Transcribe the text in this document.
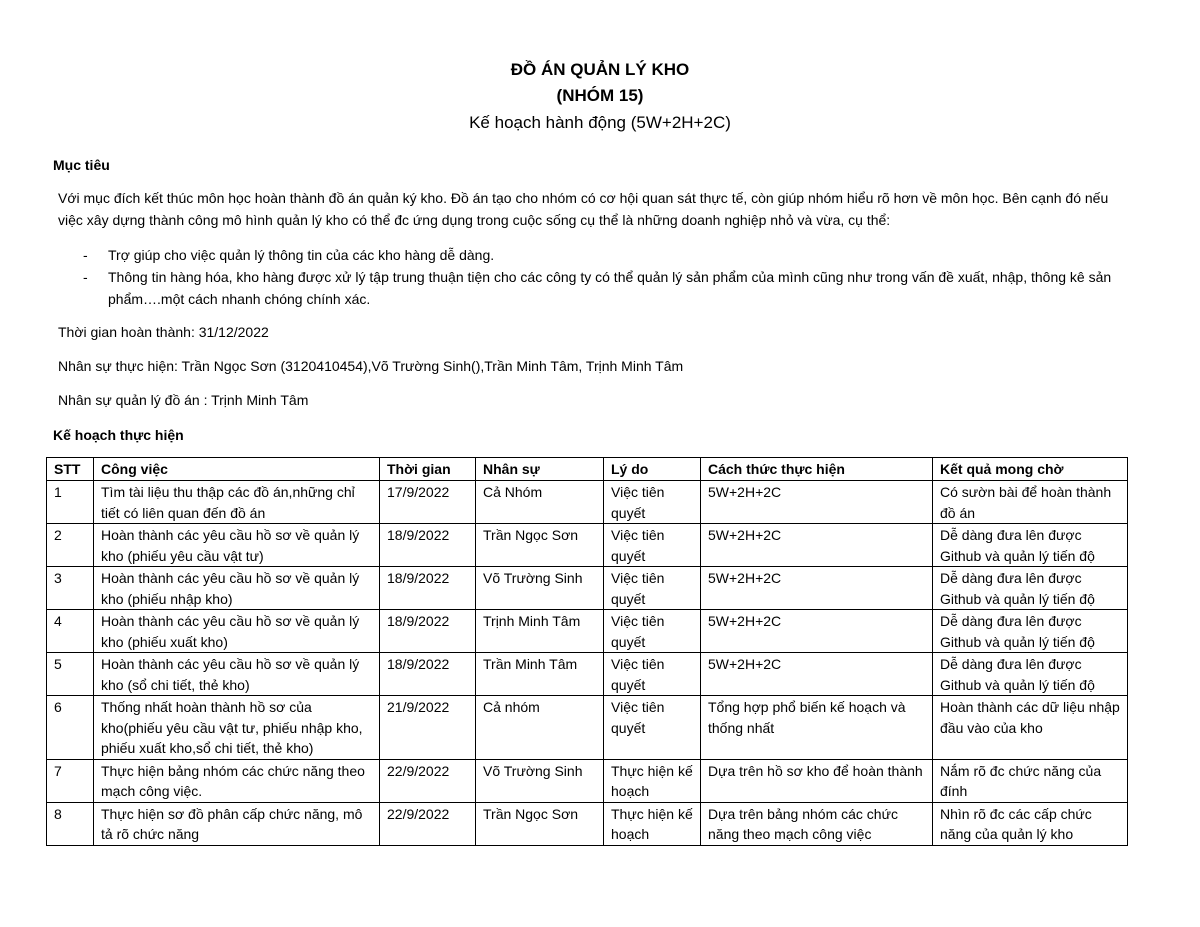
ĐỒ ÁN QUẢN LÝ KHO
(NHÓM 15)
Kế hoạch hành động (5W+2H+2C)
Mục tiêu
Với mục đích kết thúc môn học hoàn thành đồ án quản ký kho. Đồ án tạo cho nhóm có cơ hội quan sát thực tế, còn giúp nhóm hiểu rõ hơn về môn học. Bên cạnh đó nếu việc xây dựng thành công mô hình quản lý kho có thể đc ứng dụng trong cuộc sống cụ thể là những doanh nghiệp nhỏ và vừa, cụ thể:
- Trợ giúp cho việc quản lý thông tin của các kho hàng dễ dàng.
- Thông tin hàng hóa, kho hàng được xử lý tập trung thuận tiện cho các công ty có thể quản lý sản phẩm của mình cũng như trong vấn đề xuất, nhập, thông kê sản phẩm….một cách nhanh chóng chính xác.
Thời gian hoàn thành: 31/12/2022
Nhân sự thực hiện: Trần Ngọc Sơn (3120410454),Võ Trường Sinh(),Trần Minh Tâm, Trịnh Minh Tâm
Nhân sự quản lý đồ án : Trịnh Minh Tâm
Kế hoạch thực hiện
STT	Công việc	Thời gian	Nhân sự	Lý do	Cách thức thực hiện	Kết quả mong chờ
1	Tìm tài liệu thu thập các đồ án,những chỉ tiết có liên quan đến đồ án	17/9/2022	Cả Nhóm	Việc tiên quyết	5W+2H+2C	Có sườn bài để hoàn thành đồ án
2	Hoàn thành các yêu cầu hồ sơ về quản lý kho (phiếu yêu cầu vật tư)	18/9/2022	Trần Ngọc Sơn	Việc tiên quyết	5W+2H+2C	Dễ dàng đưa lên được Github và quản lý tiến độ
3	Hoàn thành các yêu cầu hồ sơ về quản lý kho (phiếu nhập kho)	18/9/2022	Võ Trường Sinh	Việc tiên quyết	5W+2H+2C	Dễ dàng đưa lên được Github và quản lý tiến độ
4	Hoàn thành các yêu cầu hồ sơ về quản lý kho (phiếu xuất kho)	18/9/2022	Trịnh Minh Tâm	Việc tiên quyết	5W+2H+2C	Dễ dàng đưa lên được Github và quản lý tiến độ
5	Hoàn thành các yêu cầu hồ sơ về quản lý kho (sổ chi tiết, thẻ kho)	18/9/2022	Trần Minh Tâm	Việc tiên quyết	5W+2H+2C	Dễ dàng đưa lên được Github và quản lý tiến độ
6	Thống nhất hoàn thành hồ sơ của kho(phiếu yêu cầu vật tư, phiếu nhập kho, phiếu xuất kho,sổ chi tiết, thẻ kho)	21/9/2022	Cả nhóm	Việc tiên quyết	Tổng hợp phổ biến kế hoạch và thống nhất	Hoàn thành các dữ liệu nhập đầu vào của kho
7	Thực hiện bảng nhóm các chức năng theo mạch công việc.	22/9/2022	Võ Trường Sinh	Thực hiện kế hoạch	Dựa trên hồ sơ kho để hoàn thành	Nắm rõ đc chức năng của đính
8	Thực hiện sơ đồ phân cấp chức năng, mô tả rõ chức năng	22/9/2022	Trần Ngọc Sơn	Thực hiện kế hoạch	Dựa trên bảng nhóm các chức năng theo mạch công việc	Nhìn rõ đc các cấp chức năng của quản lý kho
